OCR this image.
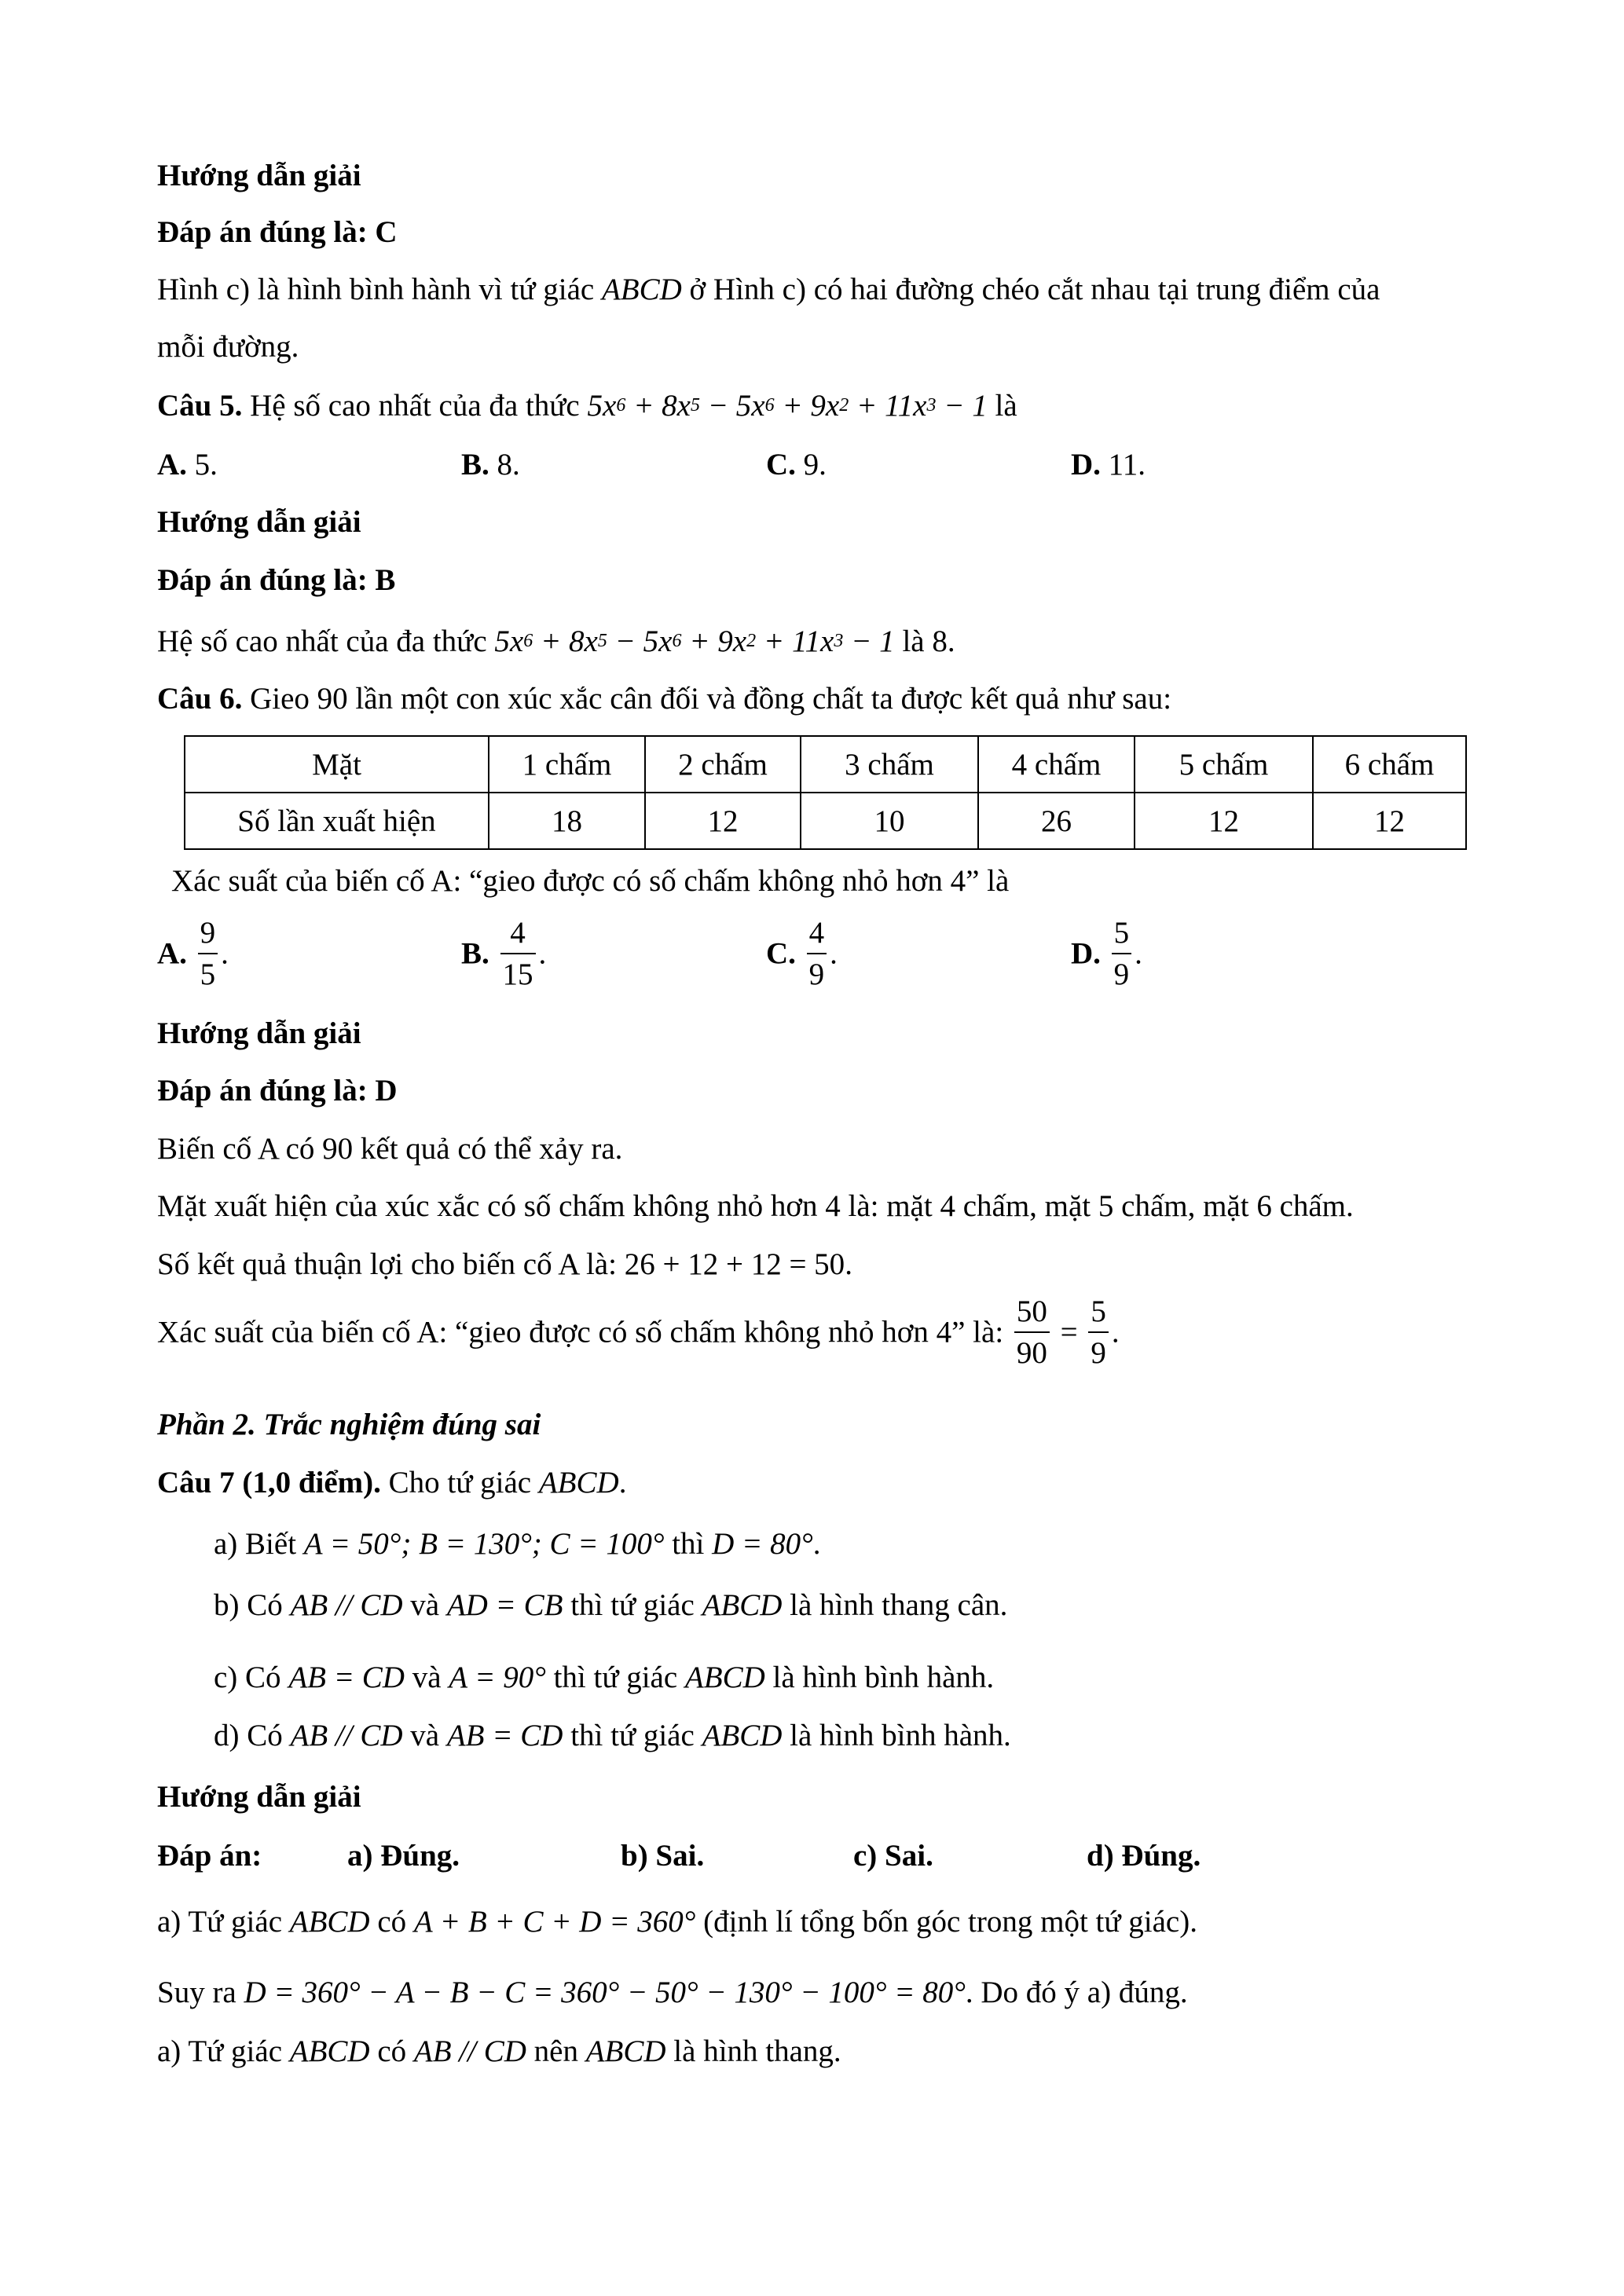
Hướng dẫn giải
Đáp án đúng là: C
Hình c) là hình bình hành vì tứ giác ABCD ở Hình c) có hai đường chéo cắt nhau tại trung điểm của
mỗi đường.
Câu 5. Hệ số cao nhất của đa thức $5x^6 + 8x^5 - 5x^6 + 9x^2 + 11x^3 - 1$ là
A. 5.	B. 8.	C. 9.	D. 11.
Hướng dẫn giải
Đáp án đúng là: B
Hệ số cao nhất của đa thức $5x^6 + 8x^5 - 5x^6 + 9x^2 + 11x^3 - 1$ là 8.
Câu 6. Gieo 90 lần một con xúc xắc cân đối và đồng chất ta được kết quả như sau:
Mặt	1 chấm	2 chấm	3 chấm	4 chấm	5 chấm	6 chấm
Số lần xuất hiện	18	12	10	26	12	12
Xác suất của biến cố A: “gieo được có số chấm không nhỏ hơn 4” là
A. $\frac{9}{5}$ .	B. $\frac{4}{15}$ .	C. $\frac{4}{9}$ .	D. $\frac{5}{9}$ .
Hướng dẫn giải
Đáp án đúng là: D
Biến cố A có 90 kết quả có thể xảy ra.
Mặt xuất hiện của xúc xắc có số chấm không nhỏ hơn 4 là: mặt 4 chấm, mặt 5 chấm, mặt 6 chấm.
Số kết quả thuận lợi cho biến cố A là: 26 + 12 + 12 = 50.
Xác suất của biến cố A: “gieo được có số chấm không nhỏ hơn 4” là: $\frac{50}{90} = \frac{5}{9}$ .
Phần 2. Trắc nghiệm đúng sai
Câu 7 (1,0 điểm). Cho tứ giác ABCD.
a) Biết A = 50°; B = 130°; C = 100° thì D = 80°.
b) Có AB // CD và AD = CB thì tứ giác ABCD là hình thang cân.
c) Có AB = CD và A = 90° thì tứ giác ABCD là hình bình hành.
d) Có AB // CD và AB = CD thì tứ giác ABCD là hình bình hành.
Hướng dẫn giải
Đáp án:	a) Đúng.	b) Sai.	c) Sai.	d) Đúng.
a) Tứ giác ABCD có A + B + C + D = 360° (định lí tổng bốn góc trong một tứ giác).
Suy ra D = 360° − A − B − C = 360° − 50° − 130° − 100° = 80°. Do đó ý a) đúng.
a) Tứ giác ABCD có AB // CD nên ABCD là hình thang.
